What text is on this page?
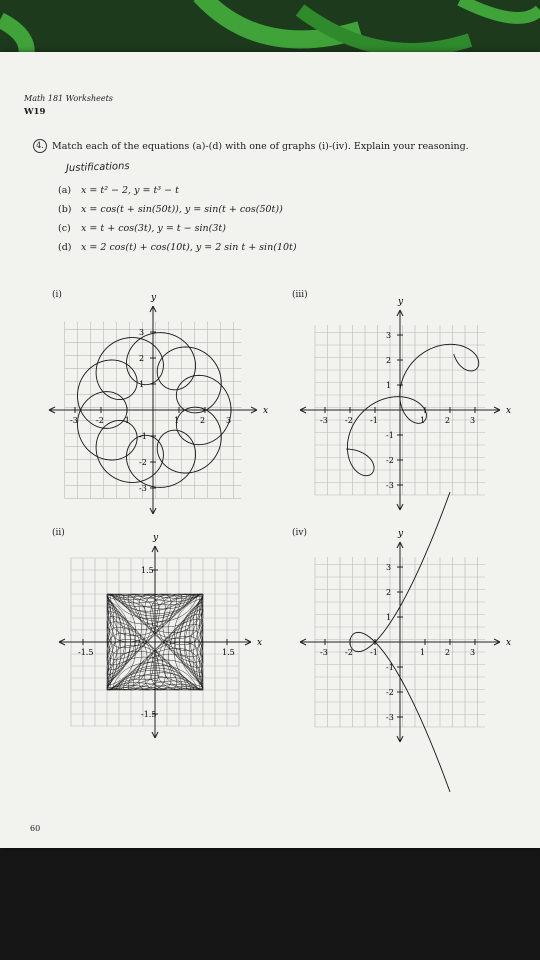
Math 181 Worksheets
W19
4. Match each of the equations (a)-(d) with one of graphs (i)-(iv). Explain your reasoning.
Justifications
(a) x = t² − 2, y = t³ − t
(b) x = cos(t + sin(50t)), y = sin(t + cos(50t))
(c) x = t + cos(3t), y = t − sin(3t)
(d) x = 2 cos(t) + cos(10t), y = 2 sin t + sin(10t)
(i)	(iii)
(ii)	(iv)
60
x
y
-3 -2 -1	1	2	3
3
2
1
-1
-2
-3
x
y
-3 -2 -1	1 2 3
3
2
1
-1
-2
-3
x
y
-1.5	1.5
1.5
-1.5
x
y
-3 -2 -1	1 2 3
3
2
1
-1
-2
-3
